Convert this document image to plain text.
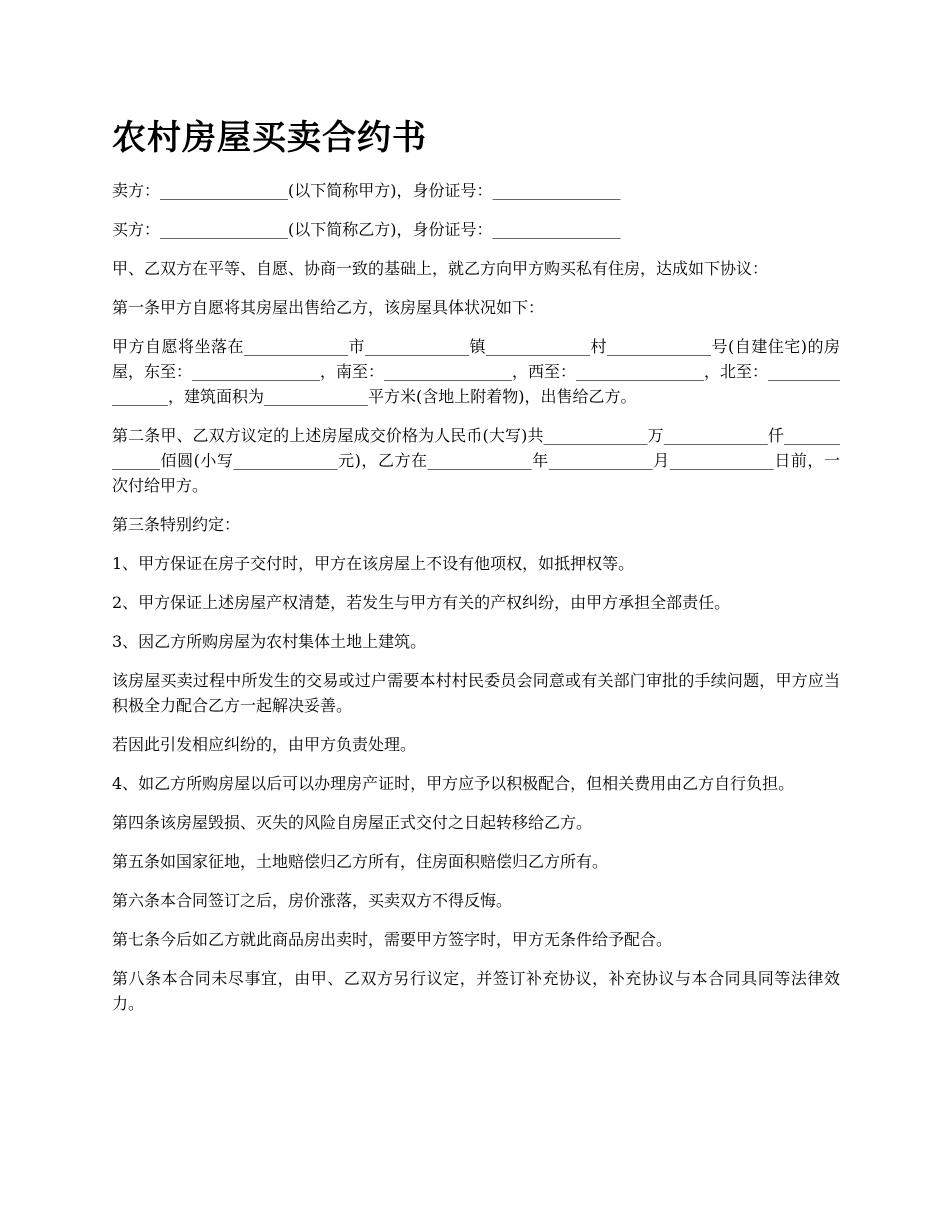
农村房屋买卖合约书

卖方：________________(以下简称甲方)，身份证号：________________

买方：________________(以下简称乙方)，身份证号：________________

甲、乙双方在平等、自愿、协商一致的基础上，就乙方向甲方购买私有住房，达成如下协议：

第一条甲方自愿将其房屋出售给乙方，该房屋具体状况如下：

甲方自愿将坐落在_____________市_____________镇_____________村_____________号(自建住宅)的房屋，东至：________________，南至：________________，西至：________________，北至：________________，建筑面积为_____________平方米(含地上附着物)，出售给乙方。

第二条甲、乙双方议定的上述房屋成交价格为人民币(大写)共_____________万_____________仟_____________佰圆(小写_____________元)，乙方在_____________年_____________月_____________日前，一次付给甲方。

第三条特别约定：

1、甲方保证在房子交付时，甲方在该房屋上不设有他项权，如抵押权等。

2、甲方保证上述房屋产权清楚，若发生与甲方有关的产权纠纷，由甲方承担全部责任。

3、因乙方所购房屋为农村集体土地上建筑。

该房屋买卖过程中所发生的交易或过户需要本村村民委员会同意或有关部门审批的手续问题，甲方应当积极全力配合乙方一起解决妥善。

若因此引发相应纠纷的，由甲方负责处理。

4、如乙方所购房屋以后可以办理房产证时，甲方应予以积极配合，但相关费用由乙方自行负担。

第四条该房屋毁损、灭失的风险自房屋正式交付之日起转移给乙方。

第五条如国家征地，土地赔偿归乙方所有，住房面积赔偿归乙方所有。

第六条本合同签订之后，房价涨落，买卖双方不得反悔。

第七条今后如乙方就此商品房出卖时，需要甲方签字时，甲方无条件给予配合。

第八条本合同未尽事宜，由甲、乙双方另行议定，并签订补充协议，补充协议与本合同具同等法律效力。
